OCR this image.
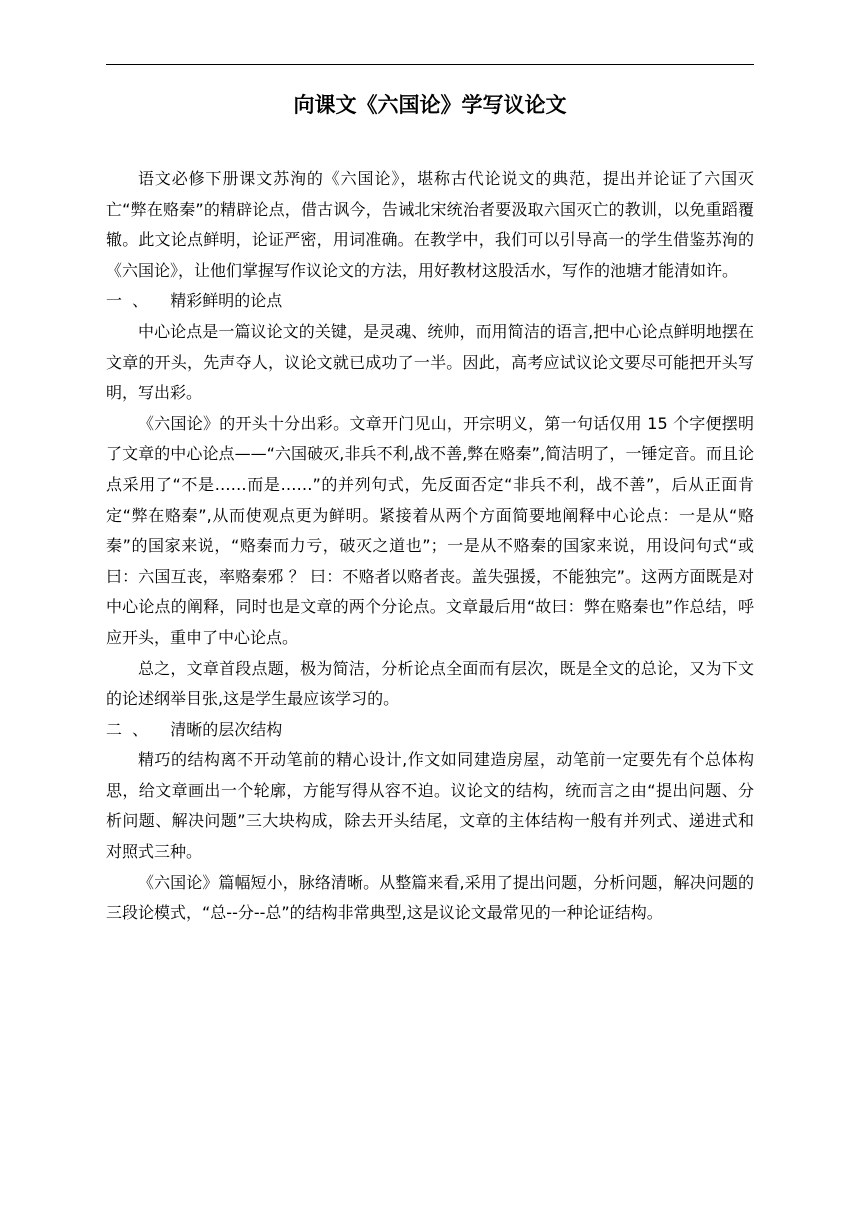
向课文《六国论》学写议论文

语文必修下册课文苏洵的《六国论》，堪称古代论说文的典范，提出并论证了六国灭亡“弊在赂秦”的精辟论点，借古讽今，告诫北宋统治者要汲取六国灭亡的教训，以免重蹈覆辙。此文论点鲜明，论证严密，用词准确。在教学中，我们可以引导高一的学生借鉴苏洵的《六国论》，让他们掌握写作议论文的方法，用好教材这股活水，写作的池塘才能清如许。

一  、 精彩鲜明的论点

中心论点是一篇议论文的关键，是灵魂、统帅，而用简洁的语言,把中心论点鲜明地摆在文章的开头，先声夺人，议论文就已成功了一半。因此，高考应试议论文要尽可能把开头写明，写出彩。

《六国论》的开头十分出彩。文章开门见山，开宗明义，第一句话仅用 15 个字便摆明了文章的中心论点——“六国破灭,非兵不利,战不善,弊在赂秦”,简洁明了，一锤定音。而且论点采用了“不是……而是……”的并列句式，先反面否定“非兵不利，战不善”，后从正面肯定“弊在赂秦”,从而使观点更为鲜明。紧接着从两个方面简要地阐释中心论点：一是从“赂秦”的国家来说，“赂秦而力亏，破灭之道也”；一是从不赂秦的国家来说，用设问句式“或曰：六国互丧，率赂秦邪 ？ 曰：不赂者以赂者丧。盖失强援，不能独完”。这两方面既是对中心论点的阐释，同时也是文章的两个分论点。文章最后用“故曰：弊在赂秦也”作总结，呼应开头，重申了中心论点。

总之，文章首段点题，极为简洁，分析论点全面而有层次，既是全文的总论，又为下文的论述纲举目张,这是学生最应该学习的。

二  、 清晰的层次结构

精巧的结构离不开动笔前的精心设计,作文如同建造房屋，动笔前一定要先有个总体构思，给文章画出一个轮廓，方能写得从容不迫。议论文的结构，统而言之由“提出问题、分析问题、解决问题”三大块构成，除去开头结尾，文章的主体结构一般有并列式、递进式和对照式三种。

《六国论》篇幅短小，脉络清晰。从整篇来看,采用了提出问题，分析问题，解决问题的三段论模式，“总--分--总”的结构非常典型,这是议论文最常见的一种论证结构。
